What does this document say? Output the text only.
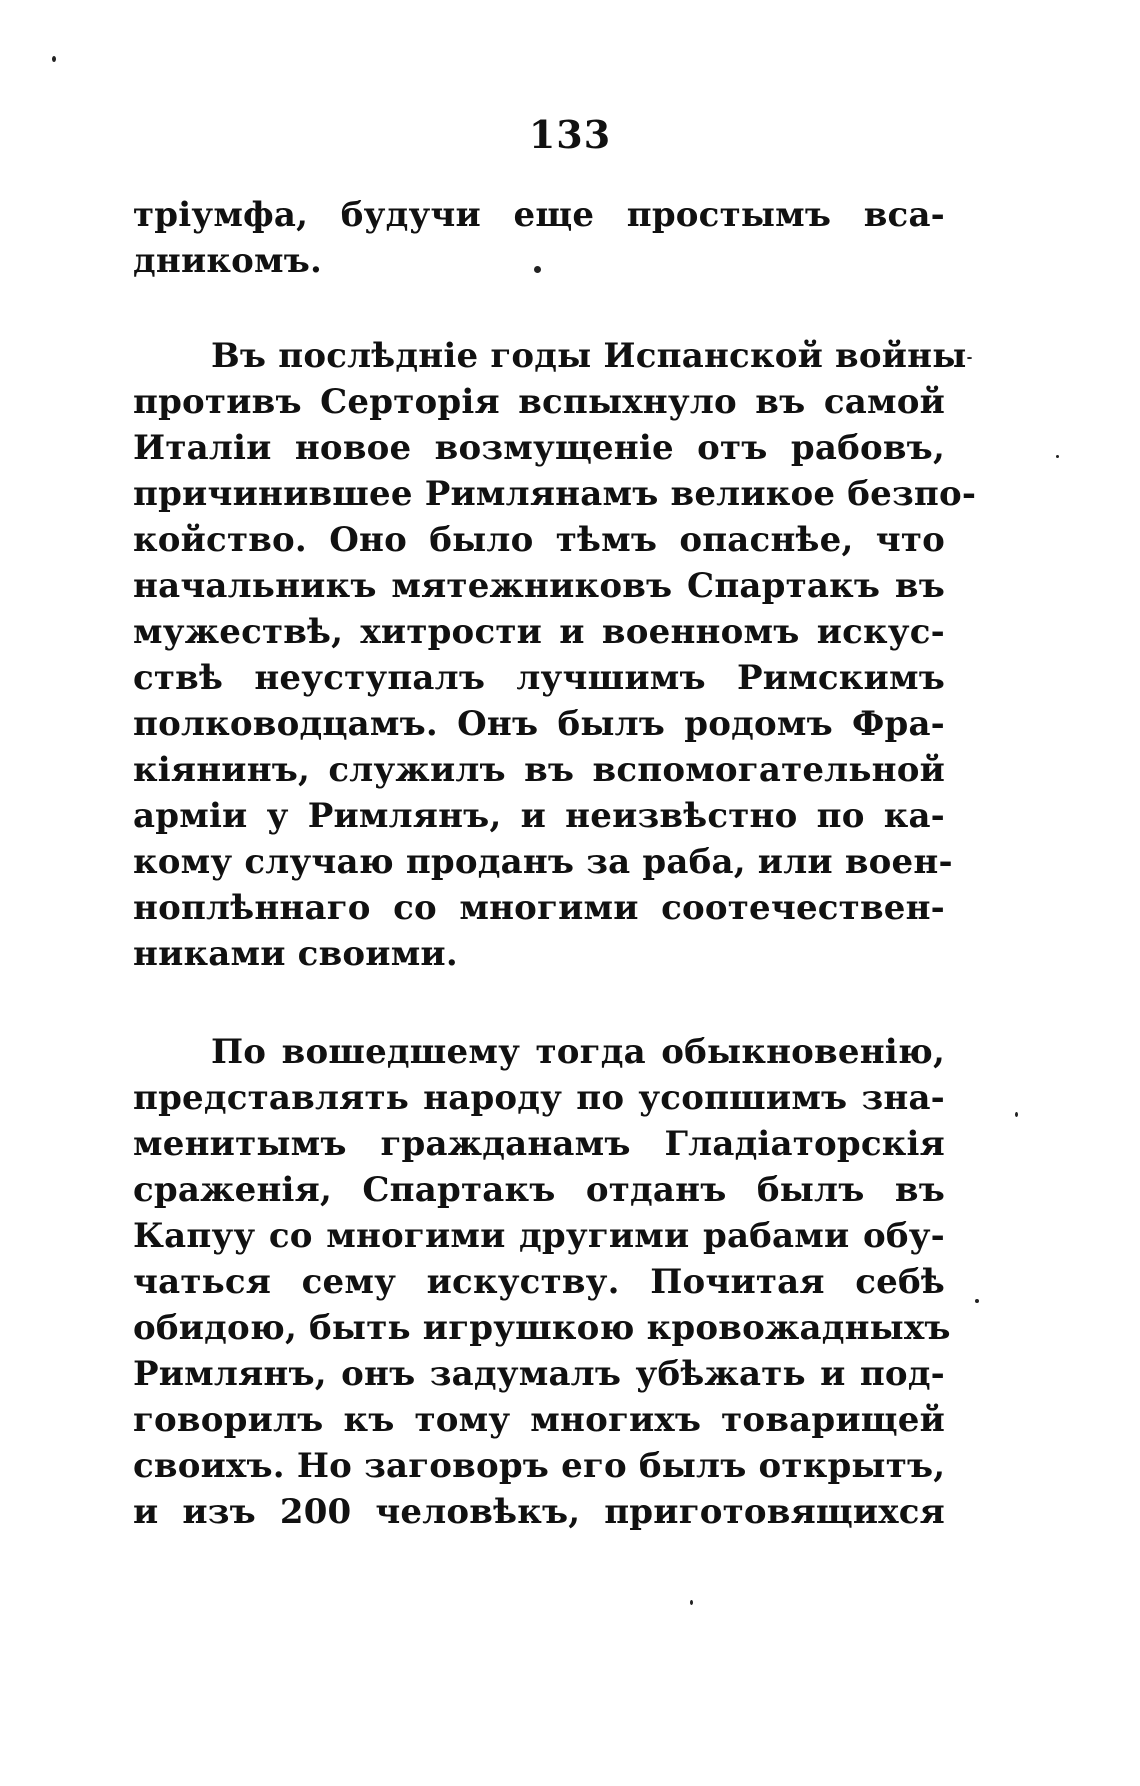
133
тріумфа, будучи еще простымъ вса-
дникомъ.
Въ послѣдніе годы Испанской войны
противъ Серторія вспыхнуло въ самой
Италіи новое возмущеніе отъ рабовъ,
причинившее Римлянамъ великое безпо-
койство. Оно было тѣмъ опаснѣе, что
начальникъ мятежниковъ Спартакъ въ
мужествѣ, хитрости и военномъ искус-
ствѣ неуступалъ лучшимъ Римскимъ
полководцамъ. Онъ былъ родомъ Фра-
кіянинъ, служилъ въ вспомогательной
арміи у Римлянъ, и неизвѣстно по ка-
кому случаю проданъ за раба, или воен-
ноплѣннаго со многими соотечествен-
никами своими.
По вошедшему тогда обыкновенію,
представлять народу по усопшимъ зна-
менитымъ гражданамъ Гладіаторскія
сраженія, Спартакъ отданъ былъ въ
Капуу со многими другими рабами обу-
чаться сему искуству. Почитая себѣ
обидою, быть игрушкою кровожадныхъ
Римлянъ, онъ задумалъ убѣжать и под-
говорилъ къ тому многихъ товарищей
своихъ. Но заговоръ его былъ открытъ,
и изъ 200 человѣкъ, приготовящихся
